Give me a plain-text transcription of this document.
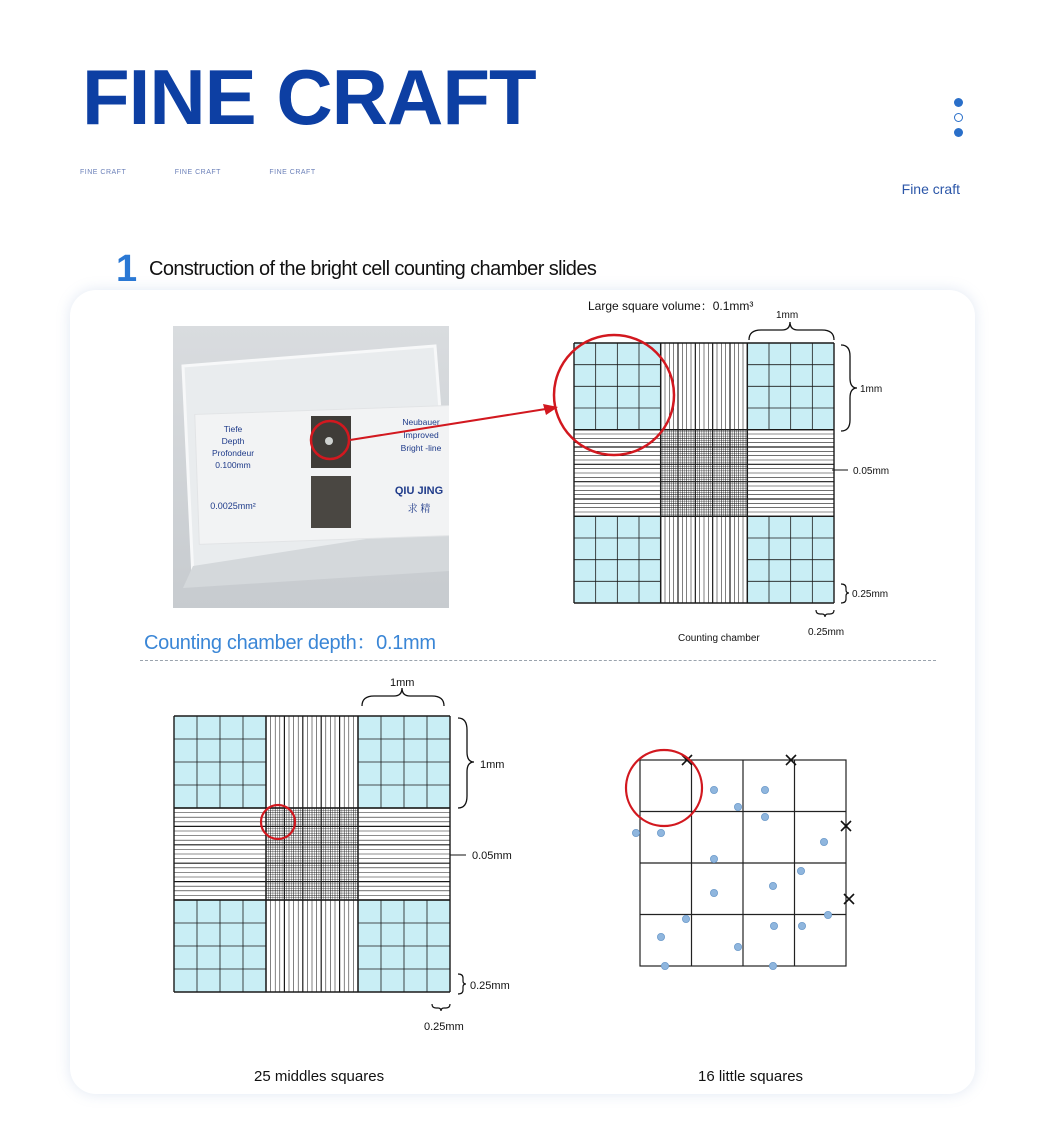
FINE CRAFT
FINE CRAFT	FINE CRAFT	FINE CRAFT
Fine craft
1 Construction of the bright cell counting chamber slides
Tiefe
Depth
Profondeur
0.100mm
0.0025mm²
Neubauer
Improved
Bright -line
QIU JING
求 精
Large square volume：0.1mm³
1mm
1mm
0.05mm
0.25mm
0.25mm
Counting chamber
Counting chamber depth：0.1mm
1mm
1mm
0.05mm
0.25mm
0.25mm
25 middles squares	16 little squares
